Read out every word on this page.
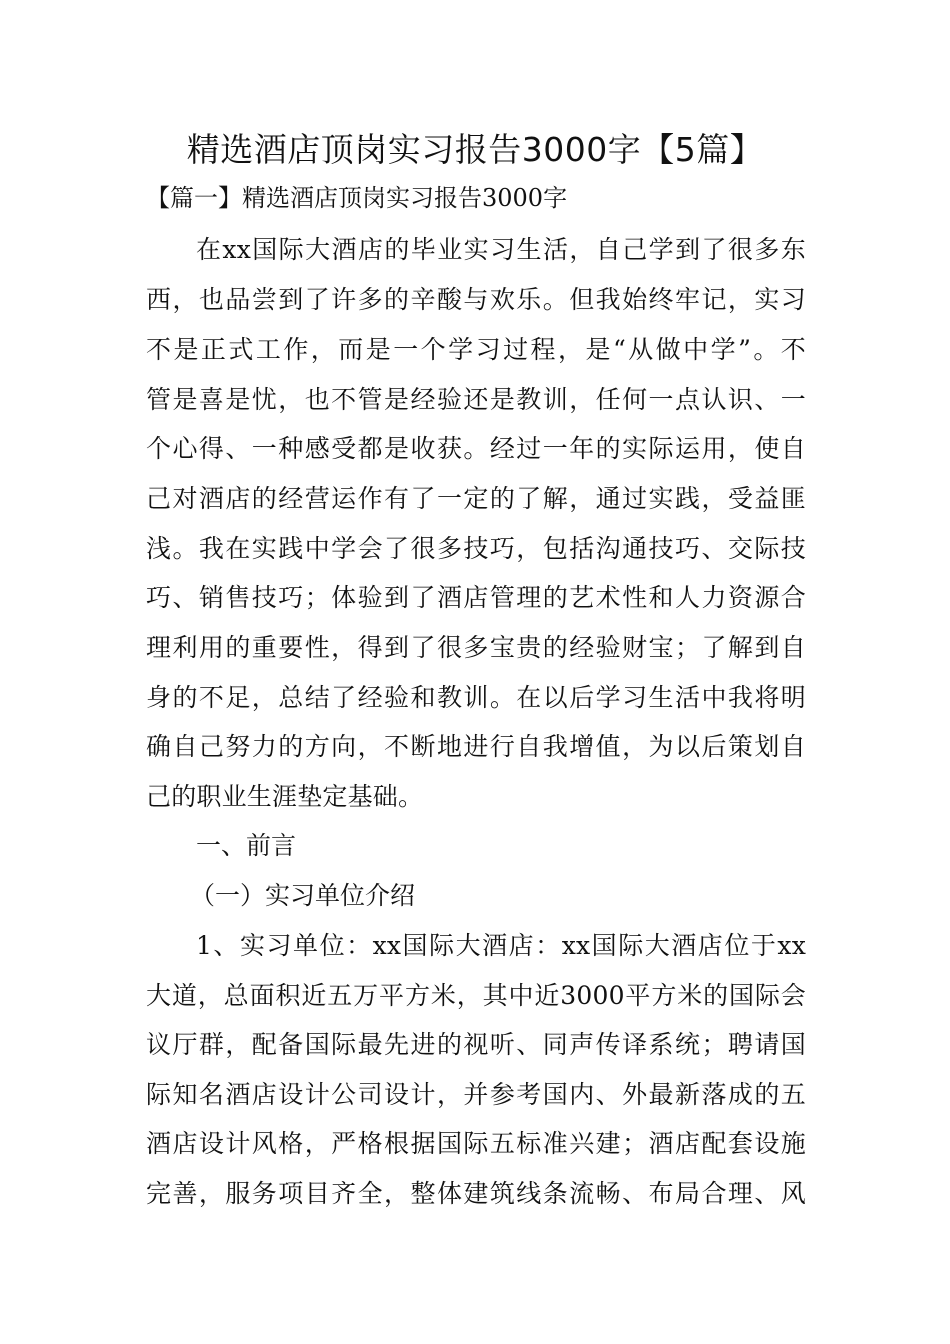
精选酒店顶岗实习报告3000字【5篇】
【篇一】精选酒店顶岗实习报告3000字
在xx国际大酒店的毕业实习生活，自己学到了很多东
西，也品尝到了许多的辛酸与欢乐。但我始终牢记，实习
不是正式工作，而是一个学习过程，是“从做中学”。不
管是喜是忧，也不管是经验还是教训，任何一点认识、一
个心得、一种感受都是收获。经过一年的实际运用，使自
己对酒店的经营运作有了一定的了解，通过实践，受益匪
浅。我在实践中学会了很多技巧，包括沟通技巧、交际技
巧、销售技巧；体验到了酒店管理的艺术性和人力资源合
理利用的重要性，得到了很多宝贵的经验财宝；了解到自
身的不足，总结了经验和教训。在以后学习生活中我将明
确自己努力的方向，不断地进行自我增值，为以后策划自
己的职业生涯垫定基础。
一、前言
（一）实习单位介绍
1、实习单位：xx国际大酒店：xx国际大酒店位于xx
大道，总面积近五万平方米，其中近3000平方米的国际会
议厅群，配备国际最先进的视听、同声传译系统；聘请国
际知名酒店设计公司设计，并参考国内、外最新落成的五
酒店设计风格，严格根据国际五标准兴建；酒店配套设施
完善，服务项目齐全，整体建筑线条流畅、布局合理、风
